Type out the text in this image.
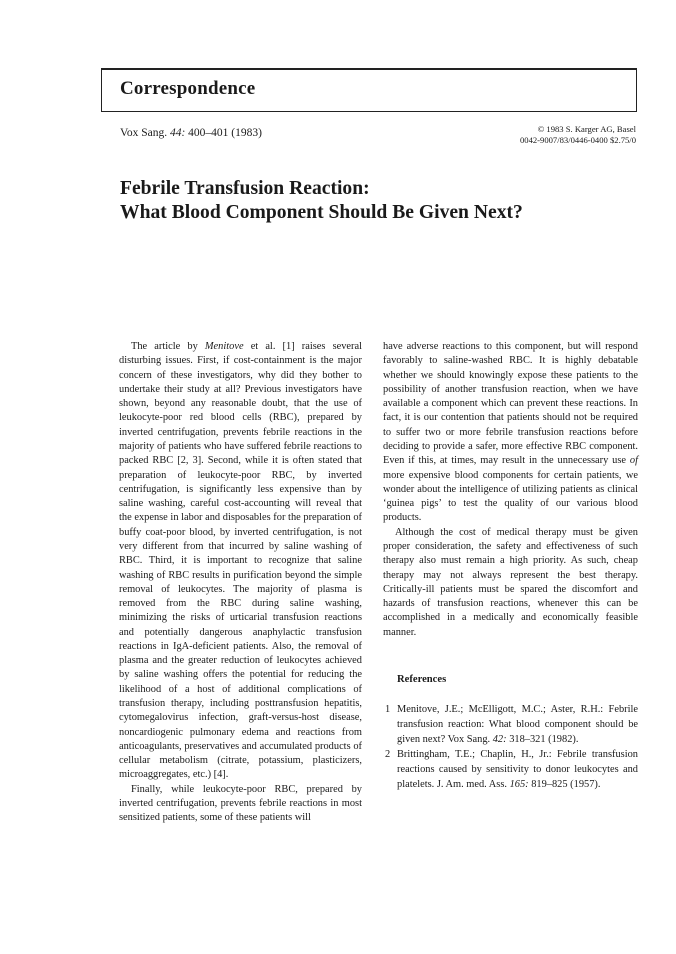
Correspondence
Vox Sang. 44: 400–401 (1983)	© 1983 S. Karger AG, Basel
0042-9007/83/0446-0400 $2.75/0
Febrile Transfusion Reaction:
What Blood Component Should Be Given Next?

The article by Menitove et al. [1] raises several disturbing issues. First, if cost-containment is the major concern of these investigators, why did they bother to undertake their study at all? Previous investigators have shown, beyond any reasonable doubt, that the use of leukocyte-poor red blood cells (RBC), prepared by inverted centrifugation, prevents febrile reactions in the majority of patients who have suffered febrile reactions to packed RBC [2, 3]. Second, while it is often stated that preparation of leukocyte-poor RBC, by inverted centrifugation, is significantly less expensive than by saline washing, careful cost-accounting will reveal that the expense in labor and disposables for the preparation of buffy coat-poor blood, by inverted centrifugation, is not very different from that incurred by saline washing of RBC. Third, it is important to recognize that saline washing of RBC results in purification beyond the simple removal of leukocytes. The majority of plasma is removed from the RBC during saline washing, minimizing the risks of urticarial transfusion reactions and potentially dangerous anaphylactic transfusion reactions in IgA-deficient patients. Also, the removal of plasma and the greater reduction of leukocytes achieved by saline washing offers the potential for reducing the likelihood of a host of additional complications of transfusion therapy, including posttransfusion hepatitis, cytomegalovirus infection, graft-versus-host disease, noncardiogenic pulmonary edema and reactions from anticoagulants, preservatives and accumulated products of cellular metabolism (citrate, potassium, plasticizers, microaggregates, etc.) [4].

Finally, while leukocyte-poor RBC, prepared by inverted centrifugation, prevents febrile reactions in most sensitized patients, some of these patients will

have adverse reactions to this component, but will respond favorably to saline-washed RBC. It is highly debatable whether we should knowingly expose these patients to the possibility of another transfusion reaction, when we have available a component which can prevent these reactions. In fact, it is our contention that patients should not be required to suffer two or more febrile transfusion reactions before deciding to provide a safer, more effective RBC component. Even if this, at times, may result in the unnecessary use of more expensive blood components for certain patients, we wonder about the intelligence of utilizing patients as clinical ‘guinea pigs’ to test the quality of our various blood products.

Although the cost of medical therapy must be given proper consideration, the safety and effectiveness of such therapy also must remain a high priority. As such, cheap therapy may not always represent the best therapy. Critically-ill patients must be spared the discomfort and hazards of transfusion reactions, whenever this can be accomplished in a medically and economically feasible manner.

References
1 Menitove, J.E.; McElligott, M.C.; Aster, R.H.: Febrile transfusion reaction: What blood component should be given next? Vox Sang. 42: 318–321 (1982).
2 Brittingham, T.E.; Chaplin, H., Jr.: Febrile transfusion reactions caused by sensitivity to donor leukocytes and platelets. J. Am. med. Ass. 165: 819–825 (1957).
